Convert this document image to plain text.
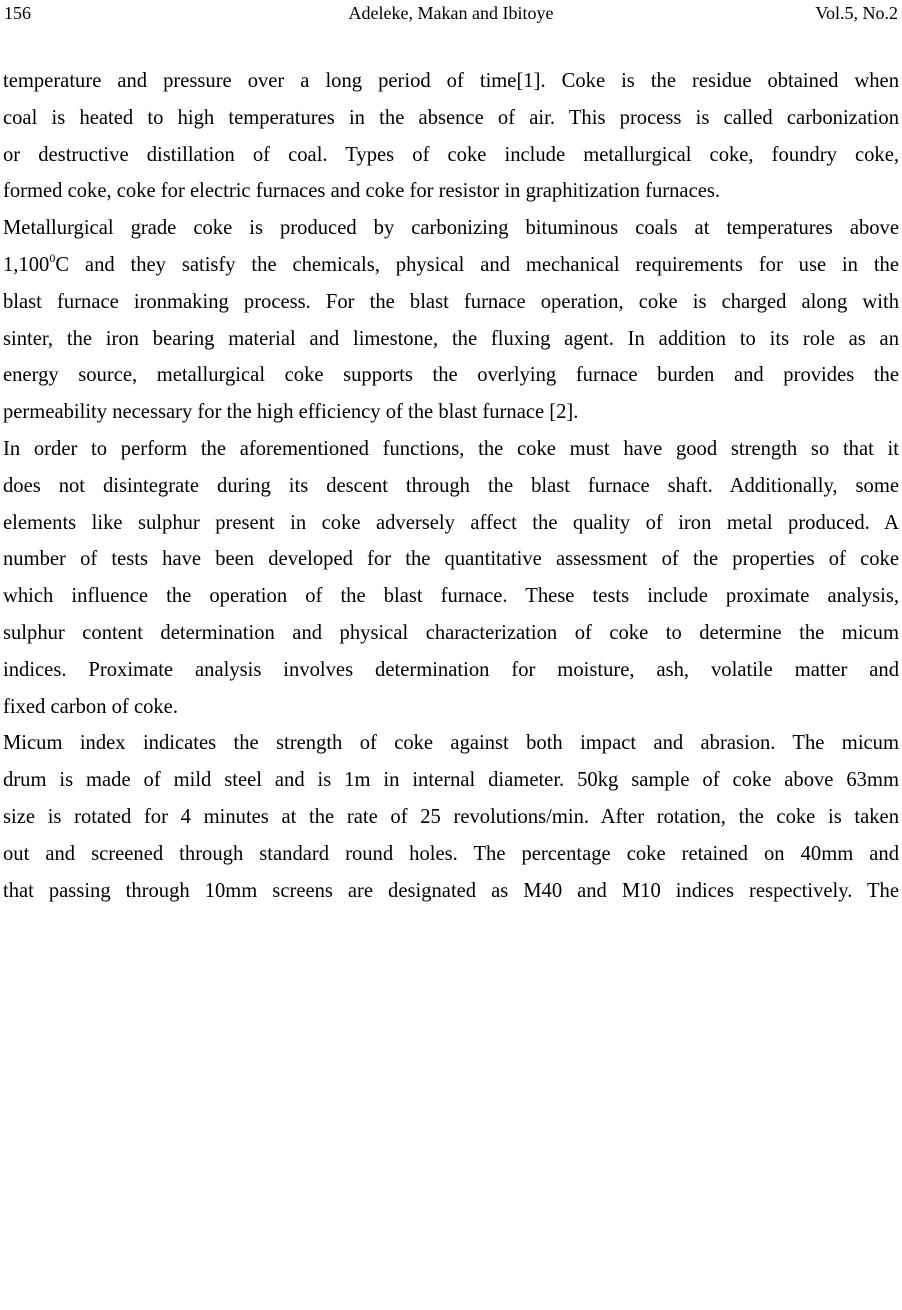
156	Adeleke, Makan and Ibitoye	Vol.5, No.2
temperature and pressure over a long period of time[1]. Coke is the residue obtained when
coal is heated to high temperatures in the absence of air. This process is called carbonization
or destructive distillation of coal. Types of coke include metallurgical coke, foundry coke,
formed coke, coke for electric furnaces and coke for resistor in graphitization furnaces.
Metallurgical grade coke is produced by carbonizing bituminous coals at temperatures above
1,100$^0$C and they satisfy the chemicals, physical and mechanical requirements for use in the
blast furnace ironmaking process. For the blast furnace operation, coke is charged along with
sinter, the iron bearing material and limestone, the fluxing agent. In addition to its role as an
energy source, metallurgical coke supports the overlying furnace burden and provides the
permeability necessary for the high efficiency of the blast furnace [2].
In order to perform the aforementioned functions, the coke must have good strength so that it
does not disintegrate during its descent through the blast furnace shaft. Additionally, some
elements like sulphur present in coke adversely affect the quality of iron metal produced. A
number of tests have been developed for the quantitative assessment of the properties of coke
which influence the operation of the blast furnace. These tests include proximate analysis,
sulphur content determination and physical characterization of coke to determine the micum
indices. Proximate analysis involves determination for moisture, ash, volatile matter and
fixed carbon of coke.
Micum index indicates the strength of coke against both impact and abrasion. The micum
drum is made of mild steel and is 1m in internal diameter. 50kg sample of coke above 63mm
size is rotated for 4 minutes at the rate of 25 revolutions/min. After rotation, the coke is taken
out and screened through standard round holes. The percentage coke retained on 40mm and
that passing through 10mm screens are designated as M40 and M10 indices respectively. The
